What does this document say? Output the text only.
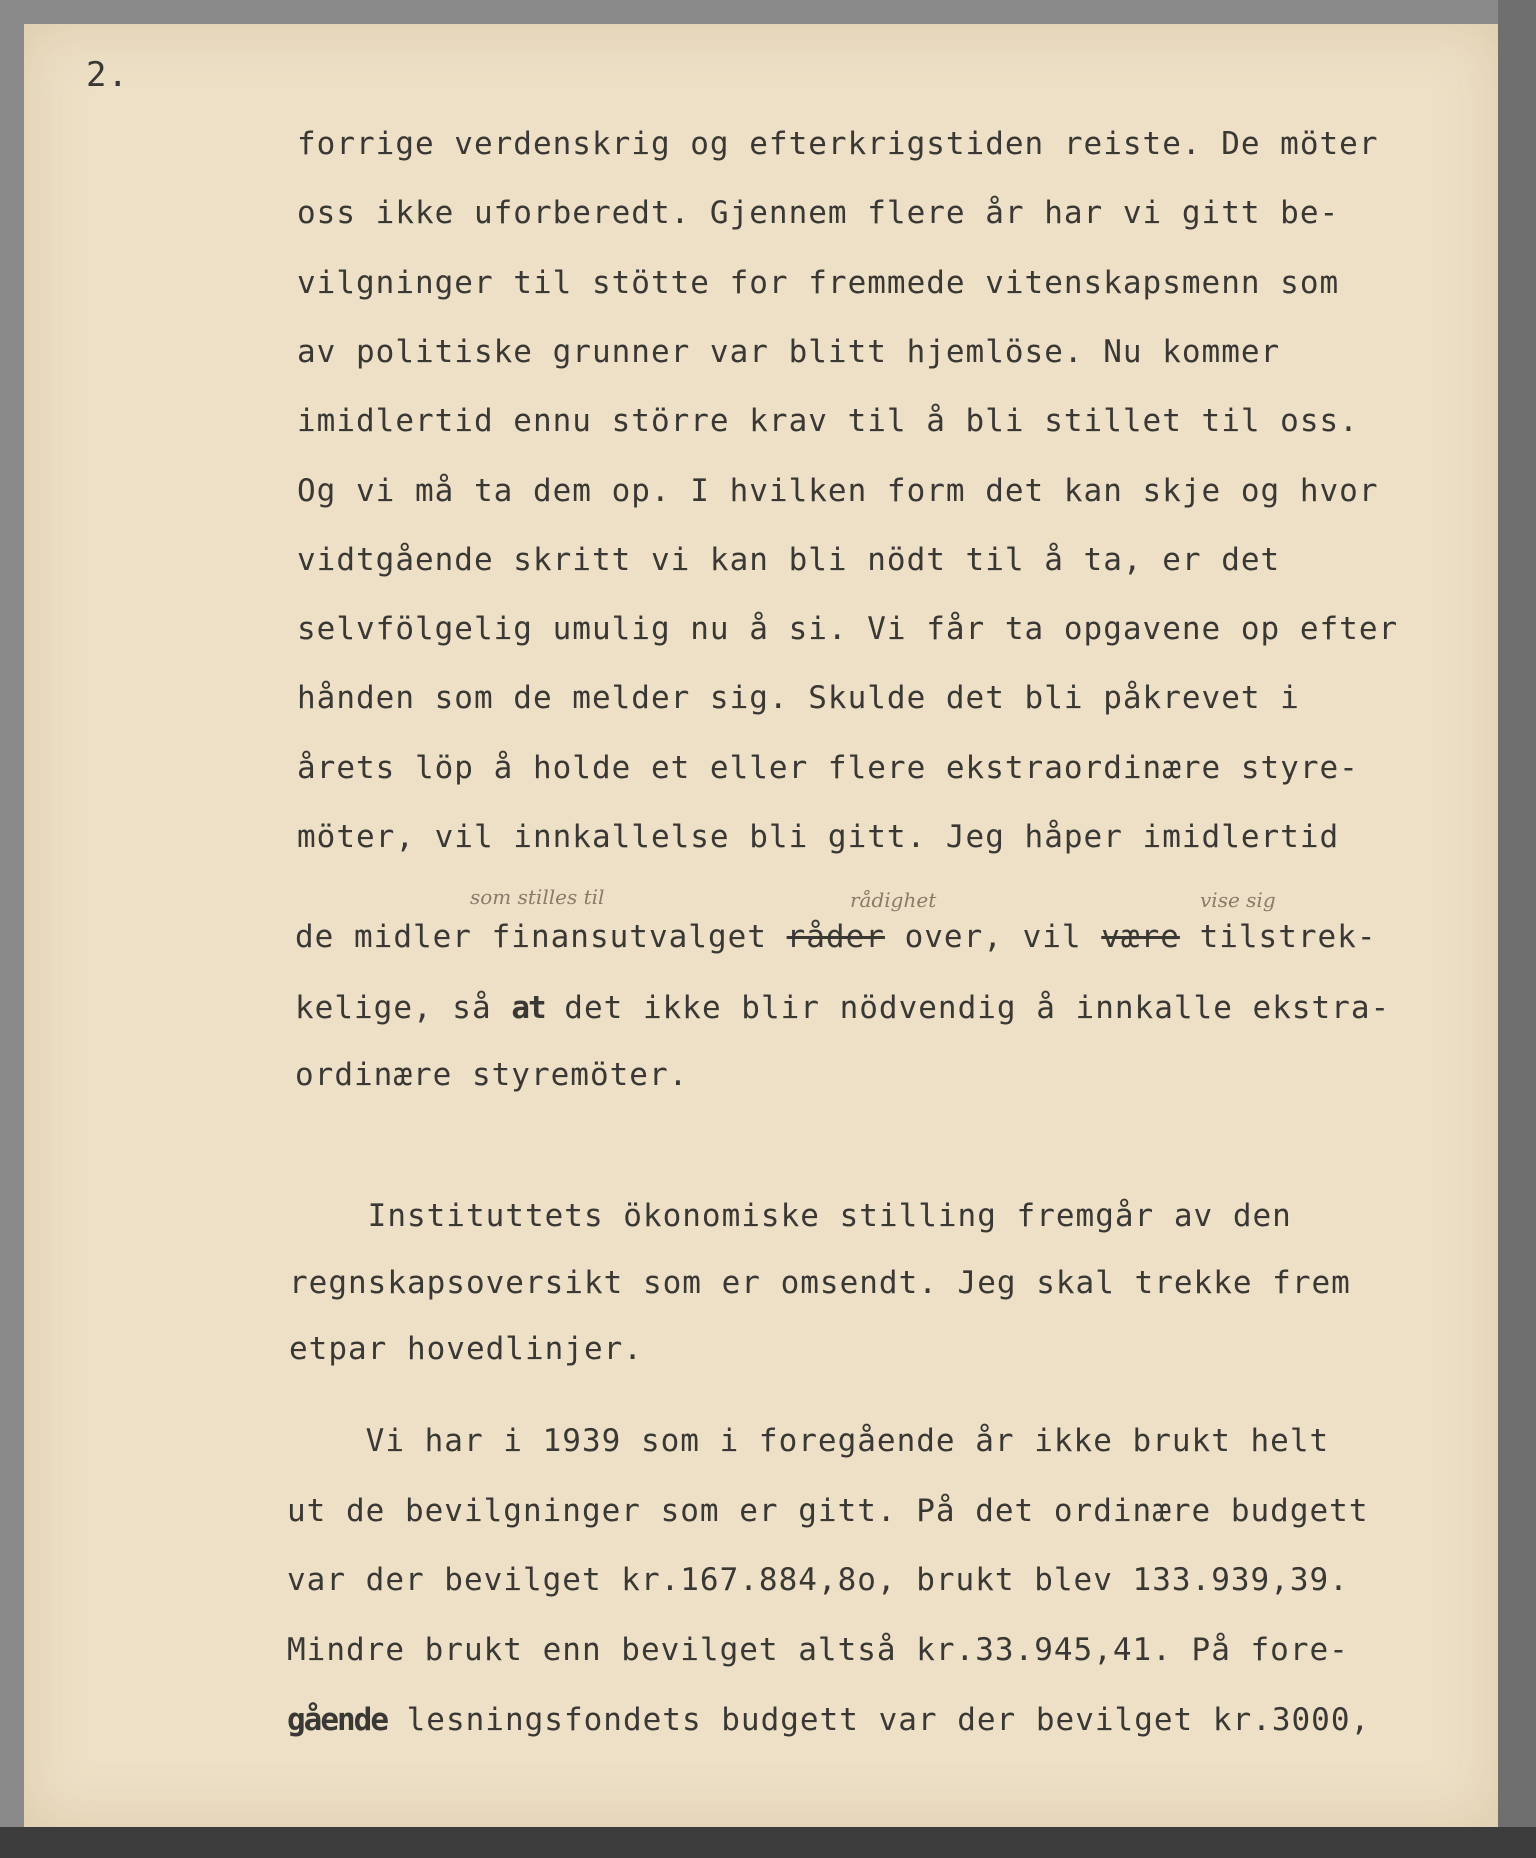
2.
forrige verdenskrig og efterkrigstiden reiste. De möter
oss ikke uforberedt. Gjennem flere år har vi gitt be-
vilgninger til stötte for fremmede vitenskapsmenn som
av politiske grunner var blitt hjemlöse. Nu kommer
imidlertid ennu större krav til å bli stillet til oss.
Og vi må ta dem op. I hvilken form det kan skje og hvor
vidtgående skritt vi kan bli nödt til å ta, er det
selvfölgelig umulig nu å si. Vi får ta opgavene op efter
hånden som de melder sig. Skulde det bli påkrevet i
årets löp å holde et eller flere ekstraordinære styre-
möter, vil innkallelse bli gitt. Jeg håper imidlertid
de midler finansutvalget råder over, vil være tilstrek-
som stilles til	rådighet	vise sig
kelige, så at det ikke blir nödvendig å innkalle ekstra-
ordinære styremöter.
Instituttets ökonomiske stilling fremgår av den
regnskapsoversikt som er omsendt. Jeg skal trekke frem
etpar hovedlinjer.
Vi har i 1939 som i foregående år ikke brukt helt
ut de bevilgninger som er gitt. På det ordinære budgett
var der bevilget kr.167.884,8o, brukt blev 133.939,39.
Mindre brukt enn bevilget altså kr.33.945,41. På fore-
gående lesningsfondets budgett var der bevilget kr.3000,
